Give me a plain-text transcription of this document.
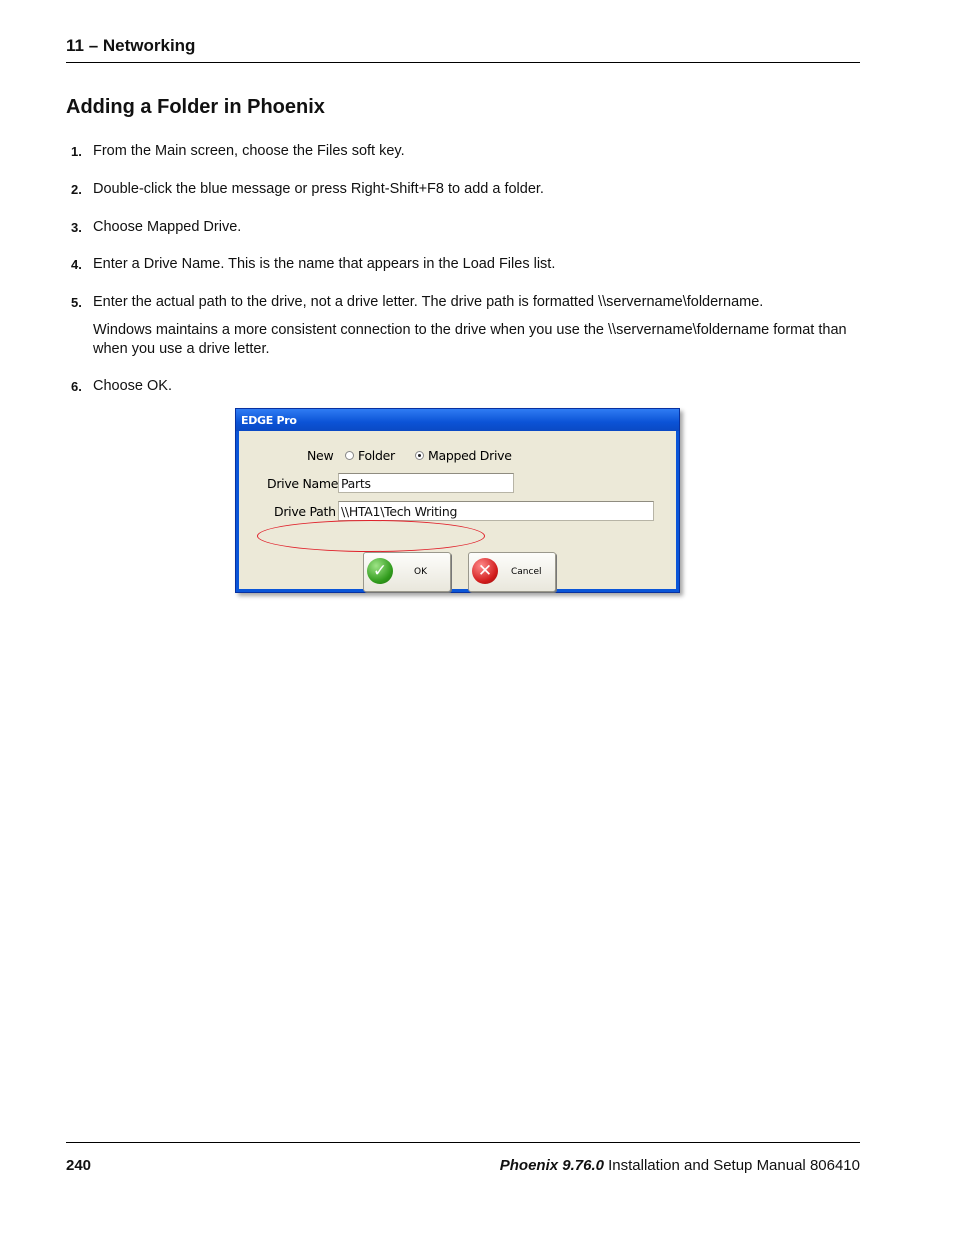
11 – Networking
Adding a Folder in Phoenix
1. From the Main screen, choose the Files soft key.
2. Double-click the blue message or press Right-Shift+F8 to add a folder.
3. Choose Mapped Drive.
4. Enter a Drive Name. This is the name that appears in the Load Files list.
5. Enter the actual path to the drive, not a drive letter. The drive path is formatted \\servername\foldername.
6. Choose OK.
Windows maintains a more consistent connection to the drive when you use the \\servername\foldername format than when you use a drive letter.
EDGE Pro
New Folder	Mapped Drive
Drive Name Parts
Drive Path \\HTA1\Tech Writing
✓	OK	✕	Cancel
240	Phoenix 9.76.0 Installation and Setup Manual 806410
